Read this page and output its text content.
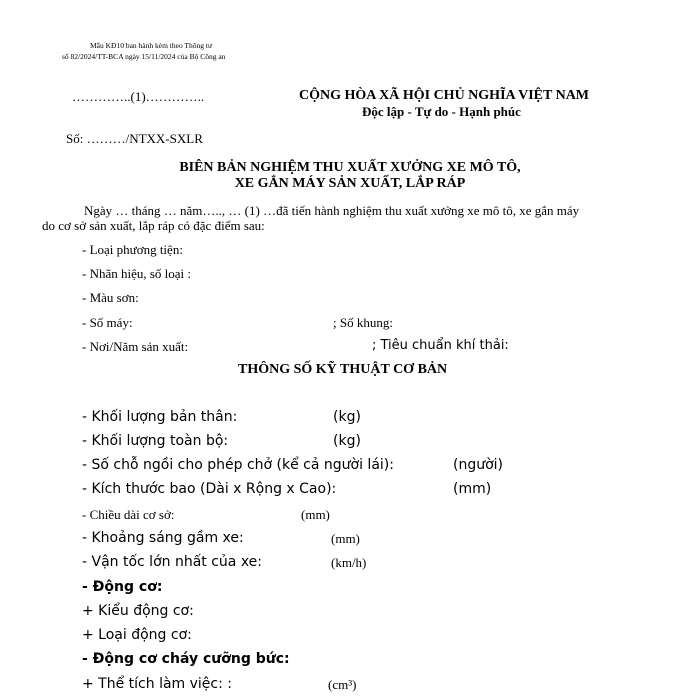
Mẫu KĐ10 ban hành kèm theo Thông tư
số 82/2024/TT-BCA ngày 15/11/2024 của Bộ Công an
…………..(1)…………..	CỘNG HÒA XÃ HỘI CHỦ NGHĨA VIỆT NAM
Độc lập - Tự do - Hạnh phúc
Số: ………/NTXX-SXLR
BIÊN BẢN NGHIỆM THU XUẤT XƯỞNG XE MÔ TÔ,
XE GẮN MÁY SẢN XUẤT, LẮP RÁP
Ngày … tháng … năm….., … (1) …đã tiến hành nghiệm thu xuất xưởng xe mô tô, xe gắn máy
do cơ sở sản xuất, lắp ráp có đặc điểm sau:
- Loại phương tiện:
- Nhãn hiệu, số loại :
- Màu sơn:
- Số máy:	; Số khung:
- Nơi/Năm sản xuất:	; Tiêu chuẩn khí thải:
THÔNG SỐ KỸ THUẬT CƠ BẢN
- Khối lượng bản thân:	(kg)
- Khối lượng toàn bộ:	(kg)
- Số chỗ ngồi cho phép chở (kể cả người lái):	(người)
- Kích thước bao (Dài x Rộng x Cao):	(mm)
- Chiều dài cơ sở:	(mm)
- Khoảng sáng gầm xe:	(mm)
- Vận tốc lớn nhất của xe:	(km/h)
- Động cơ:
+ Kiểu động cơ:
+ Loại động cơ:
- Động cơ cháy cưỡng bức:
+ Thể tích làm việc: :	(cm³)
